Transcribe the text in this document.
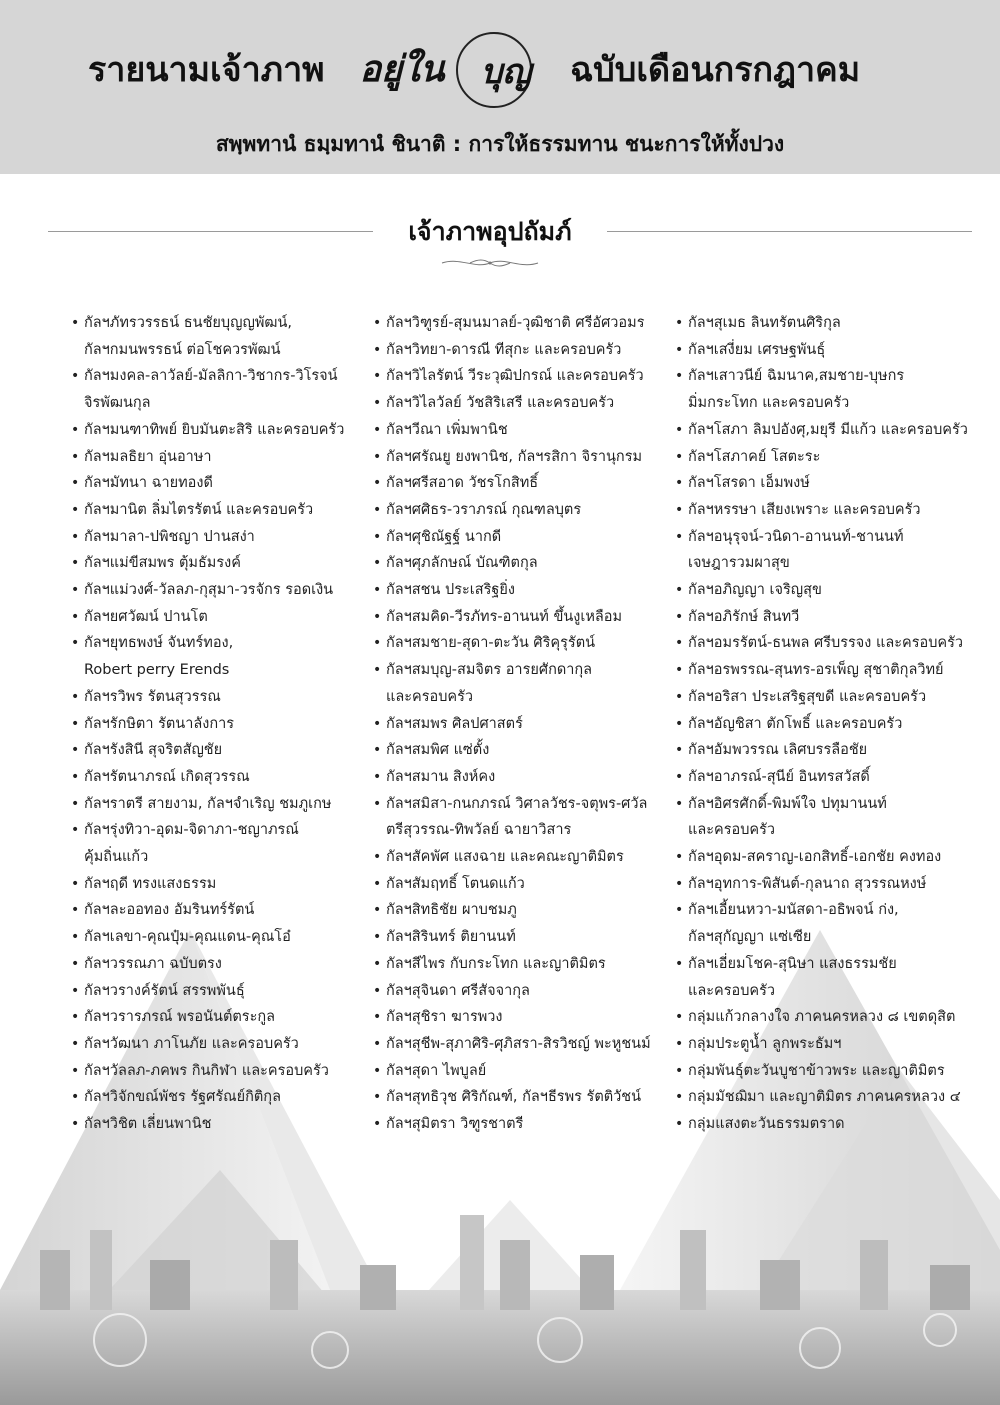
รายนามเจ้าภาพ อยู่ใน	บุญ	ฉบับเดือนกรกฎาคม
สพฺพทานํ ธมฺมทานํ ชินาติ : การให้ธรรมทาน ชนะการให้ทั้งปวง
เจ้าภาพอุปถัมภ์
• กัลฯภัทรวรรธน์ ธนชัยบุญญพัฒน์,
กัลฯกมนพรรธน์ ต่อโชควรพัฒน์
• กัลฯมงคล-ลาวัลย์-มัลลิกา-วิชากร-วิโรจน์
จิรพัฒนกุล
• กัลฯมนฑาทิพย์ ยิบมันตะสิริ และครอบครัว
• กัลฯมลธิยา อุ่นอาษา
• กัลฯมัทนา ฉายทองดี
• กัลฯมานิต ลิ่มไตรรัตน์ และครอบครัว
• กัลฯมาลา-ปพิชญา ปานสง่า
• กัลฯแม่ขีสมพร ตุ้มธัมรงค์
• กัลฯแม่วงศ์-วัลลภ-กุสุมา-วรจักร รอดเงิน
• กัลฯยศวัฒน์ ปานโต
• กัลฯยุทธพงษ์ จันทร์ทอง,
Robert perry Erends
• กัลฯรวิพร รัตนสุวรรณ
• กัลฯรักษิตา รัตนาลังการ
• กัลฯรังสินี สุจริตสัญชัย
• กัลฯรัตนาภรณ์ เกิดสุวรรณ
• กัลฯราตรี สายงาม, กัลฯจำเริญ ชมภูเกษ
• กัลฯรุ่งทิวา-อุดม-จิดาภา-ชญาภรณ์
คุ้มถิ่นแก้ว
• กัลฯฤดี ทรงแสงธรรม
• กัลฯละออทอง อัมรินทร์รัตน์
• กัลฯเลขา-คุณปุ๋ม-คุณแดน-คุณโอ๋
• กัลฯวรรณภา ฉบับตรง
• กัลฯวรางค์รัตน์ สรรพพันธุ์
• กัลฯวรารภรณ์ พรอนันต์ตระกูล
• กัลฯวัฒนา ภาโนภัย และครอบครัว
• กัลฯวัลลภ-ภคพร กินกิฬา และครอบครัว
• กัลฯวิจักขณ์พัชร รัฐศรัณย์กิติกุล
• กัลฯวิชิต เลี่ยนพานิช
• กัลฯวิฑูรย์-สุมนมาลย์-วุฒิชาติ ศรีอัศวอมร
• กัลฯวิทยา-ดารณี ทีสุกะ และครอบครัว
• กัลฯวิไลรัตน์ วีระวุฒิปกรณ์ และครอบครัว
• กัลฯวิไลวัลย์ วัชสิริเสรี และครอบครัว
• กัลฯวีณา เพิ่มพานิช
• กัลฯศรัณยู ยงพานิช, กัลฯรสิกา จิรานุกรม
• กัลฯศรีสอาด วัชรโกสิทธิ์
• กัลฯศศิธร-วราภรณ์ กุณฑลบุตร
• กัลฯศุชิณัฐฐ์ นากดี
• กัลฯศุภลักษณ์ บัณฑิตกุล
• กัลฯสชน ประเสริฐยิ่ง
• กัลฯสมคิด-วีรภัทร-อานนท์ ขึ้นงูเหลือม
• กัลฯสมชาย-สุดา-ตะวัน ศิริคุรุรัตน์
• กัลฯสมบุญ-สมจิตร อารยศักดากุล
และครอบครัว
• กัลฯสมพร ศิลปศาสตร์
• กัลฯสมพิศ แซ่ตั้ง
• กัลฯสมาน สิงห์คง
• กัลฯสมิสา-กนกภรณ์ วิศาลวัชร-จตุพร-ศวัล
ตรีสุวรรณ-ทิพวัลย์ ฉายาวิสาร
• กัลฯสัคพัศ แสงฉาย และคณะญาติมิตร
• กัลฯสัมฤทธิ์ โตนดแก้ว
• กัลฯสิทธิชัย ผาบชมภู
• กัลฯสิรินทร์ ติยานนท์
• กัลฯสีไพร กับกระโทก และญาติมิตร
• กัลฯสุจินดา ศรีสัจจากุล
• กัลฯสุชิรา ฆารพวง
• กัลฯสุชีพ-สุภาศิริ-ศุภิสรา-สิรวิชญ์ พะหูชนม์
• กัลฯสุดา ไพบูลย์
• กัลฯสุทธิวุช ศิริกัณฑ์, กัลฯธีรพร รัตติวัชน์
• กัลฯสุมิตรา วิฑูรชาตรี
• กัลฯสุเมธ ลินทรัตนศิริกุล
• กัลฯเสงี่ยม เศรษฐพันธุ์
• กัลฯเสาวนีย์ ฉิมนาค,สมชาย-บุษกร
มิ่มกระโทก และครอบครัว
• กัลฯโสภา ลิมปอังศุ,มยุรี มีแก้ว และครอบครัว
• กัลฯโสภาคย์ โสตะระ
• กัลฯโสรดา เอ็มพงษ์
• กัลฯหรรษา เสียงเพราะ และครอบครัว
• กัลฯอนุรุจน์-วนิดา-อานนท์-ชานนท์
เจษฎารวมผาสุข
• กัลฯอภิญญา เจริญสุข
• กัลฯอภิรักษ์ สินทวี
• กัลฯอมรรัตน์-ธนพล ศรีบรรจง และครอบครัว
• กัลฯอรพรรณ-สุนทร-อรเพ็ญ สุชาติกุลวิทย์
• กัลฯอริสา ประเสริฐสุขดี และครอบครัว
• กัลฯอัญชิสา ตักโพธิ์ และครอบครัว
• กัลฯอัมพวรรณ เลิศบรรลือชัย
• กัลฯอาภรณ์-สุนีย์ อินทรสวัสดิ์
• กัลฯอิศรศักดิ์-พิมพ์ใจ ปทุมานนท์
และครอบครัว
• กัลฯอุดม-สคราญ-เอกสิทธิ์-เอกชัย คงทอง
• กัลฯอุทการ-พิสันต์-กุลนาถ สุวรรณหงษ์
• กัลฯเอี้ยนหวา-มนัสดา-อธิพจน์ ก่ง,
กัลฯสุกัญญา แซ่เซีย
• กัลฯเอี่ยมโชค-สุนิษา แสงธรรมชัย
และครอบครัว
• กลุ่มแก้วกลางใจ ภาคนครหลวง ๘ เขตดุสิต
• กลุ่มประตูน้ำ ลูกพระธัมฯ
• กลุ่มพันธุ์ตะวันบูชาข้าวพระ และญาติมิตร
• กลุ่มมัชฌิมา และญาติมิตร ภาคนครหลวง ๔
• กลุ่มแสงตะวันธรรมตราด
